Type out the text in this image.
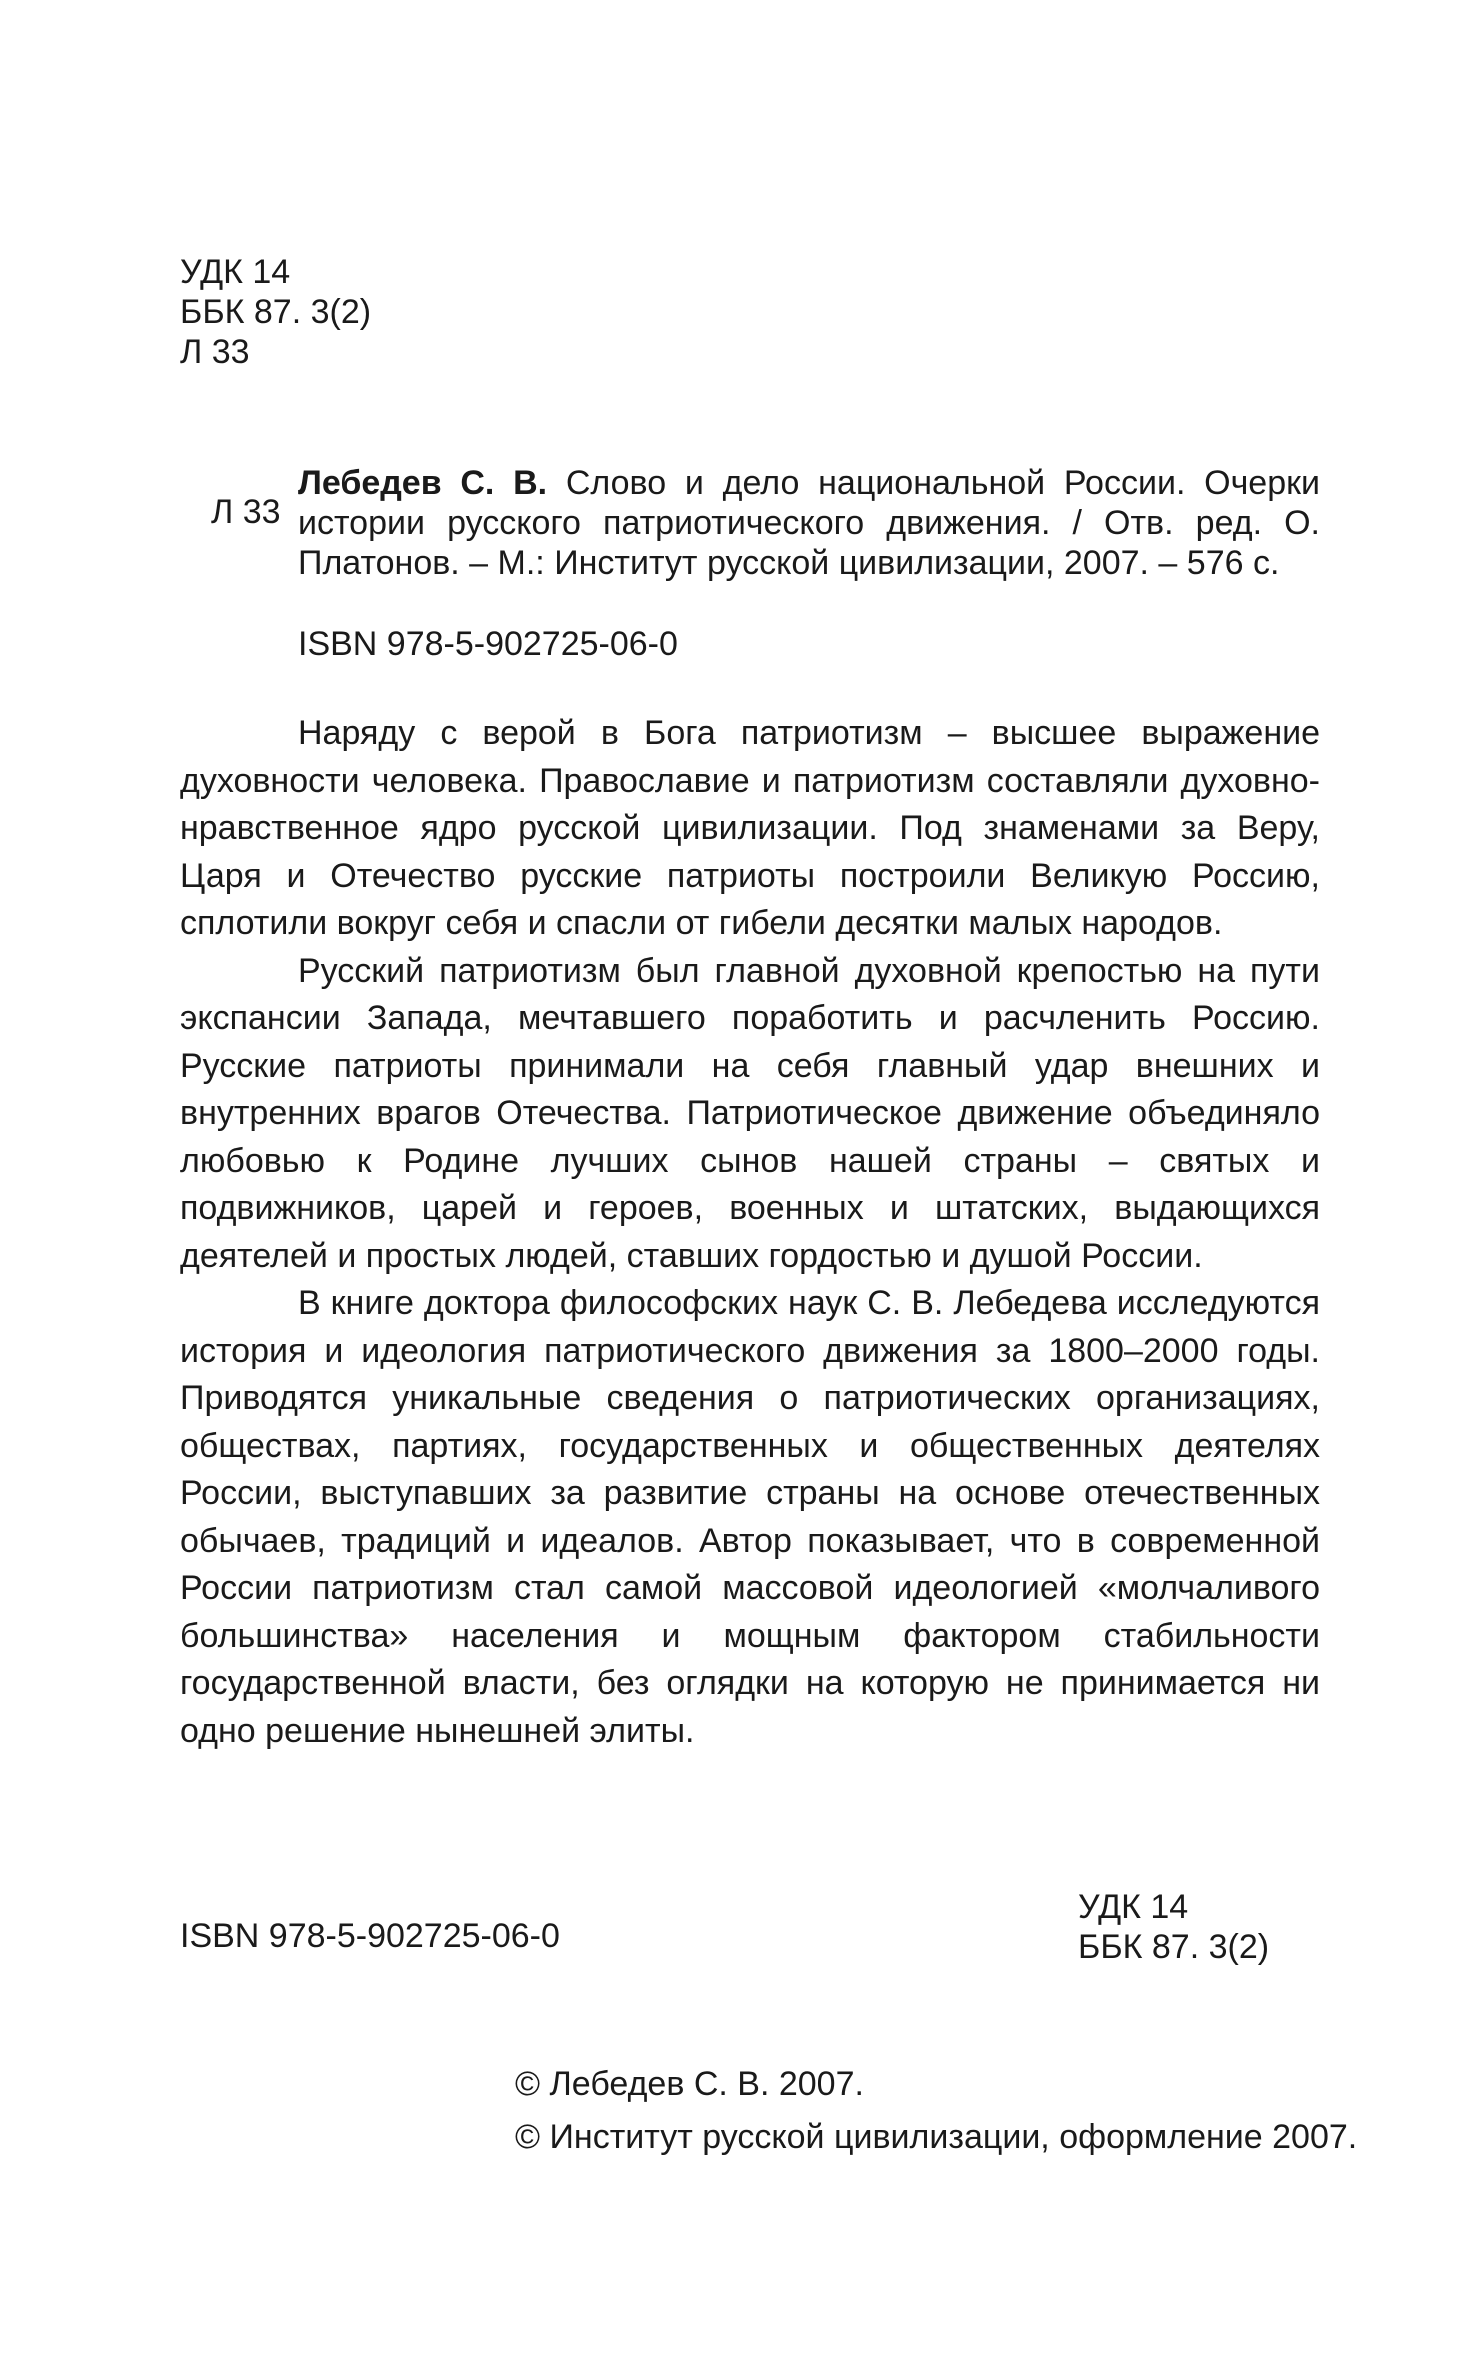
УДК 14
ББК 87. 3(2)
Л 33
Л 33
Лебедев С. В. Слово и дело национальной России. Очерки истории русского патриотического движения. / Отв. ред. О. Платонов. – М.: Институт русской цивилизации, 2007. – 576 с.
ISBN 978-5-902725-06-0

Наряду с верой в Бога патриотизм – высшее выражение духовности человека. Православие и патриотизм составляли духовно-нравственное ядро русской цивилизации. Под знаменами за Веру, Царя и Отечество русские патриоты построили Великую Россию, сплотили вокруг себя и спасли от гибели десятки малых народов.

Русский патриотизм был главной духовной крепостью на пути экспансии Запада, мечтавшего поработить и расчленить Россию. Русские патриоты принимали на себя главный удар внешних и внутренних врагов Отечества. Патриотическое движение объединяло любовью к Родине лучших сынов нашей страны – святых и подвижников, царей и героев, военных и штатских, выдающихся деятелей и простых людей, ставших гордостью и душой России.

В книге доктора философских наук С. В. Лебедева исследуются история и идеология патриотического движения за 1800–2000 годы. Приводятся уникальные сведения о патриотических организациях, обществах, партиях, государственных и общественных деятелях России, выступавших за развитие страны на основе отечественных обычаев, традиций и идеалов. Автор показывает, что в современной России патриотизм стал самой массовой идеологией «молчаливого большинства» населения и мощным фактором стабильности государственной власти, без оглядки на которую не принимается ни одно решение нынешней элиты.

ISBN 978-5-902725-06-0
УДК 14
ББК 87. 3(2)
© Лебедев С. В. 2007.
© Институт русской цивилизации, оформление 2007.
